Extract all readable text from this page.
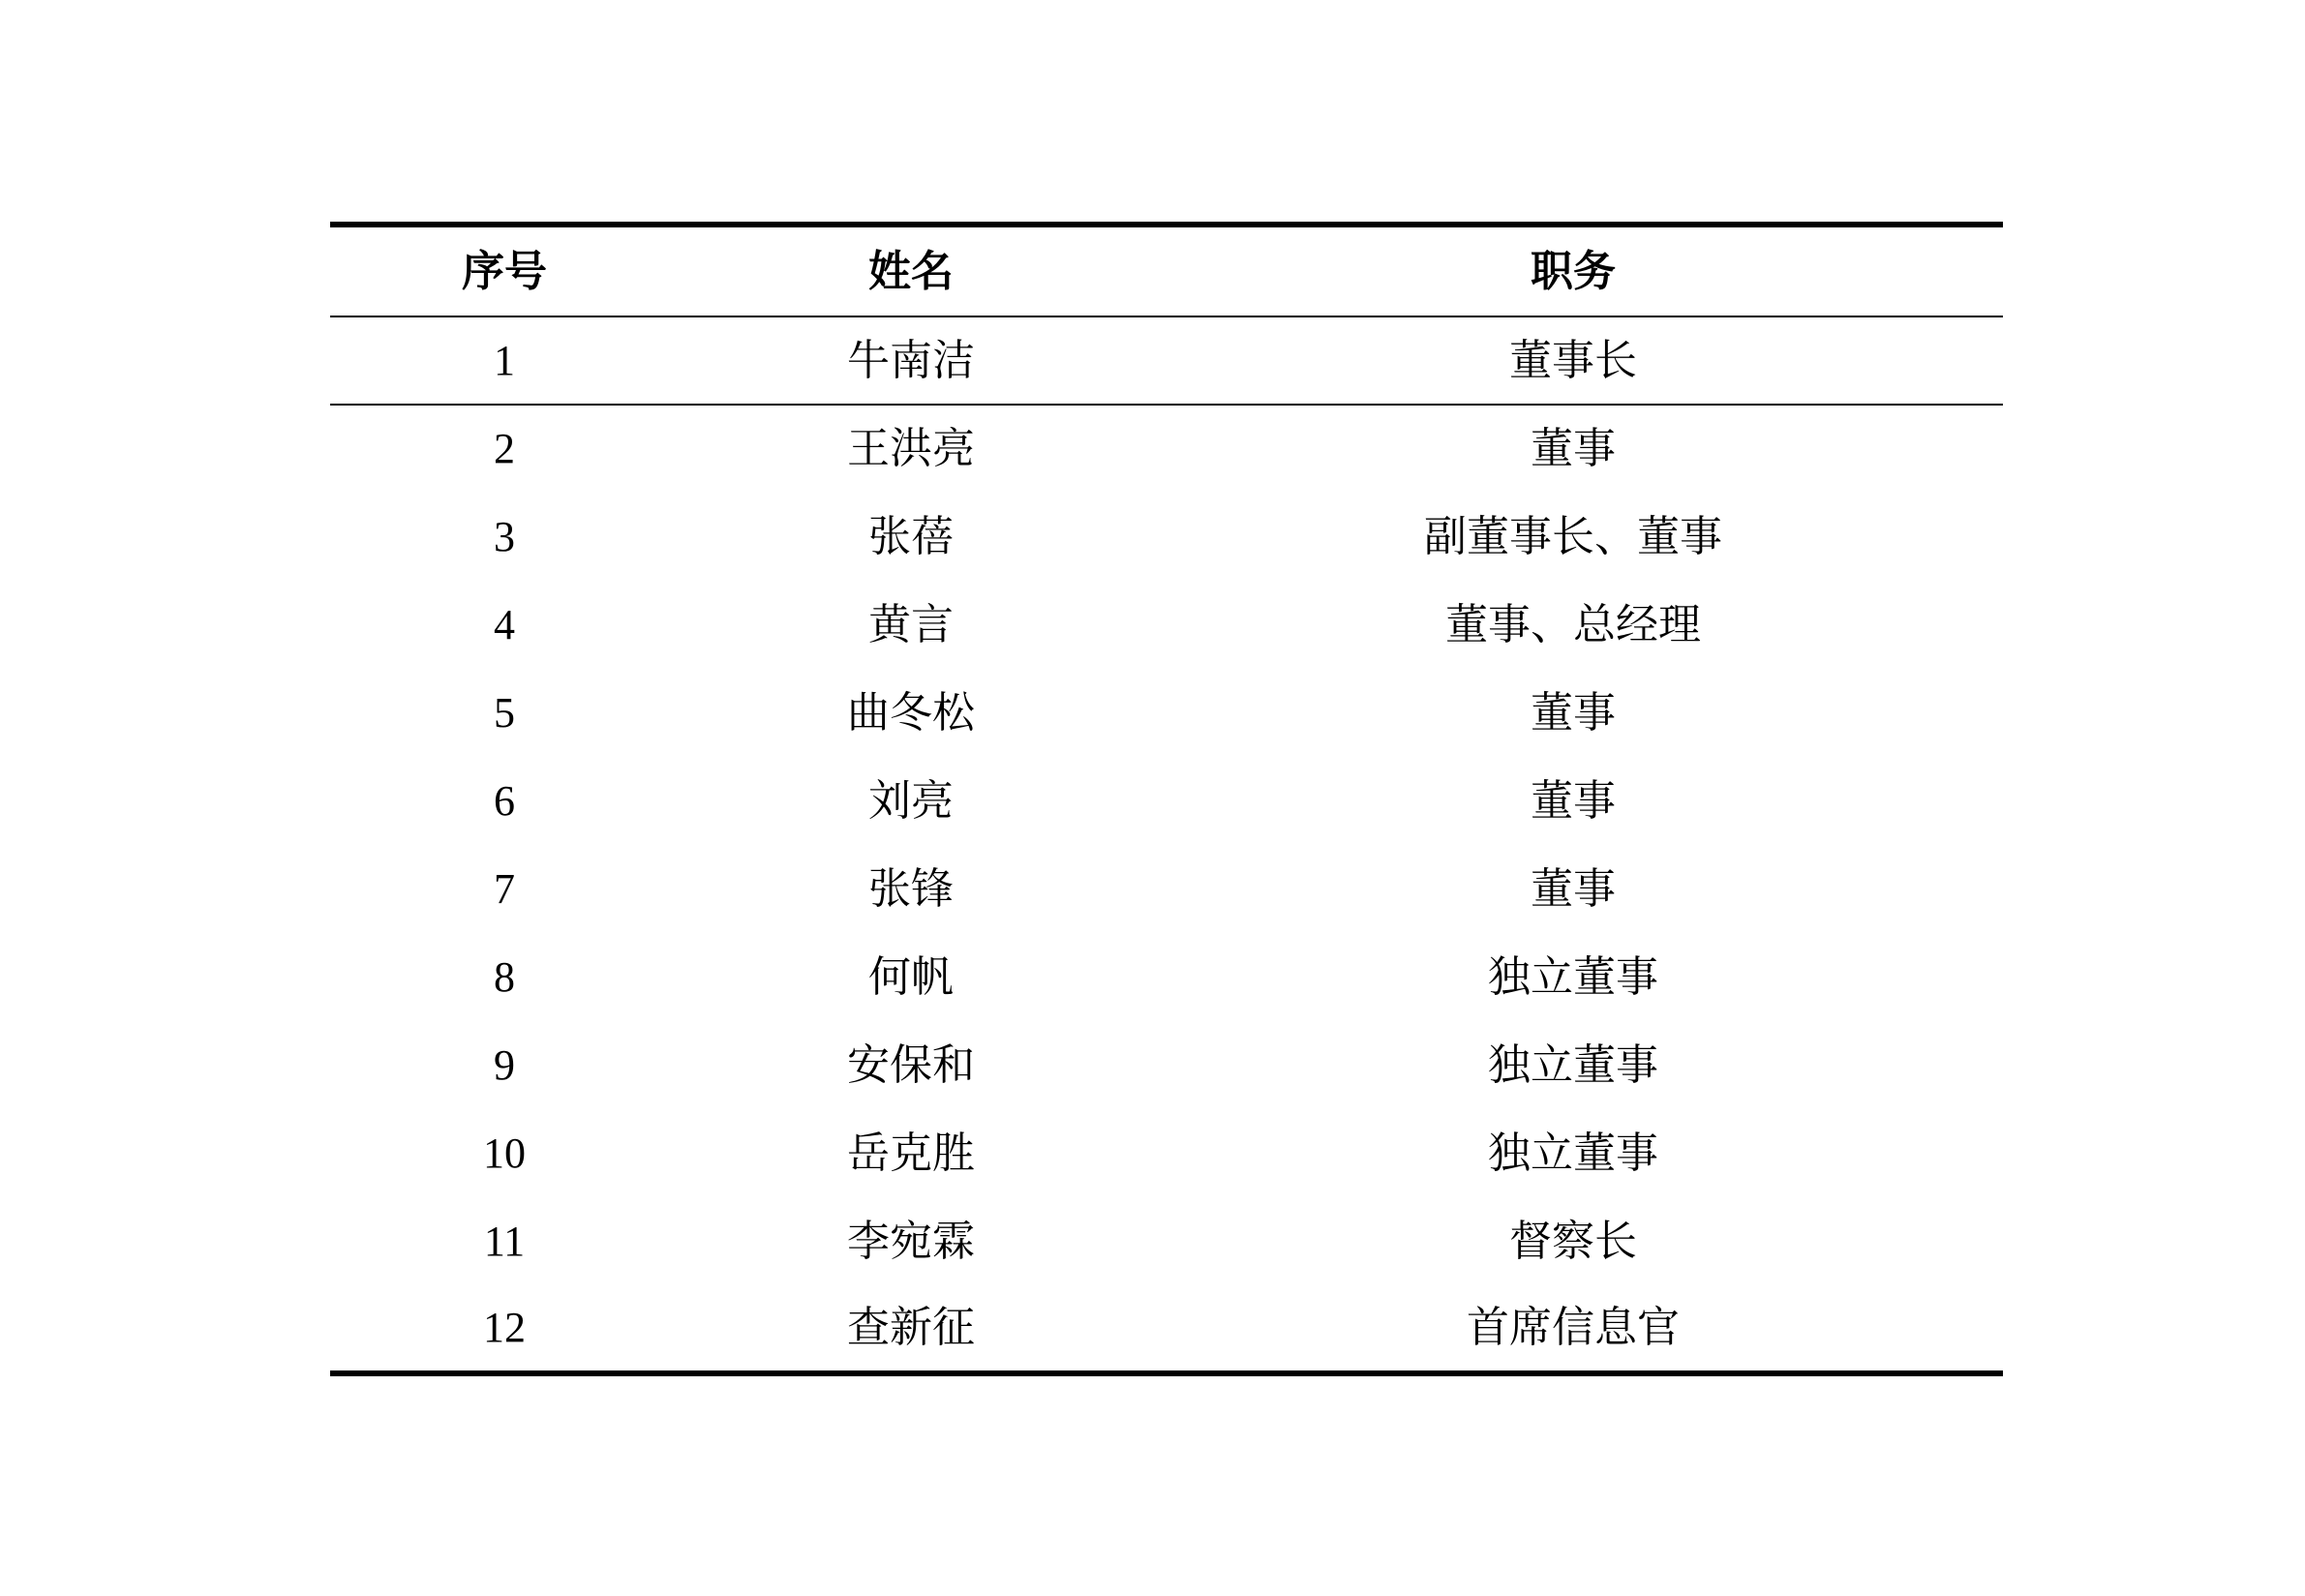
序号	姓名	职务
1	牛南洁	董事长
2	王洪亮	董事
3	张蓓	副董事长、董事
4	黄言	董事、总经理
5	曲冬松	董事
6	刘亮	董事
7	张锋	董事
8	何帆	独立董事
9	安保和	独立董事
10	岳克胜	独立董事
11	李宛霖	督察长
12	查新征	首席信息官
